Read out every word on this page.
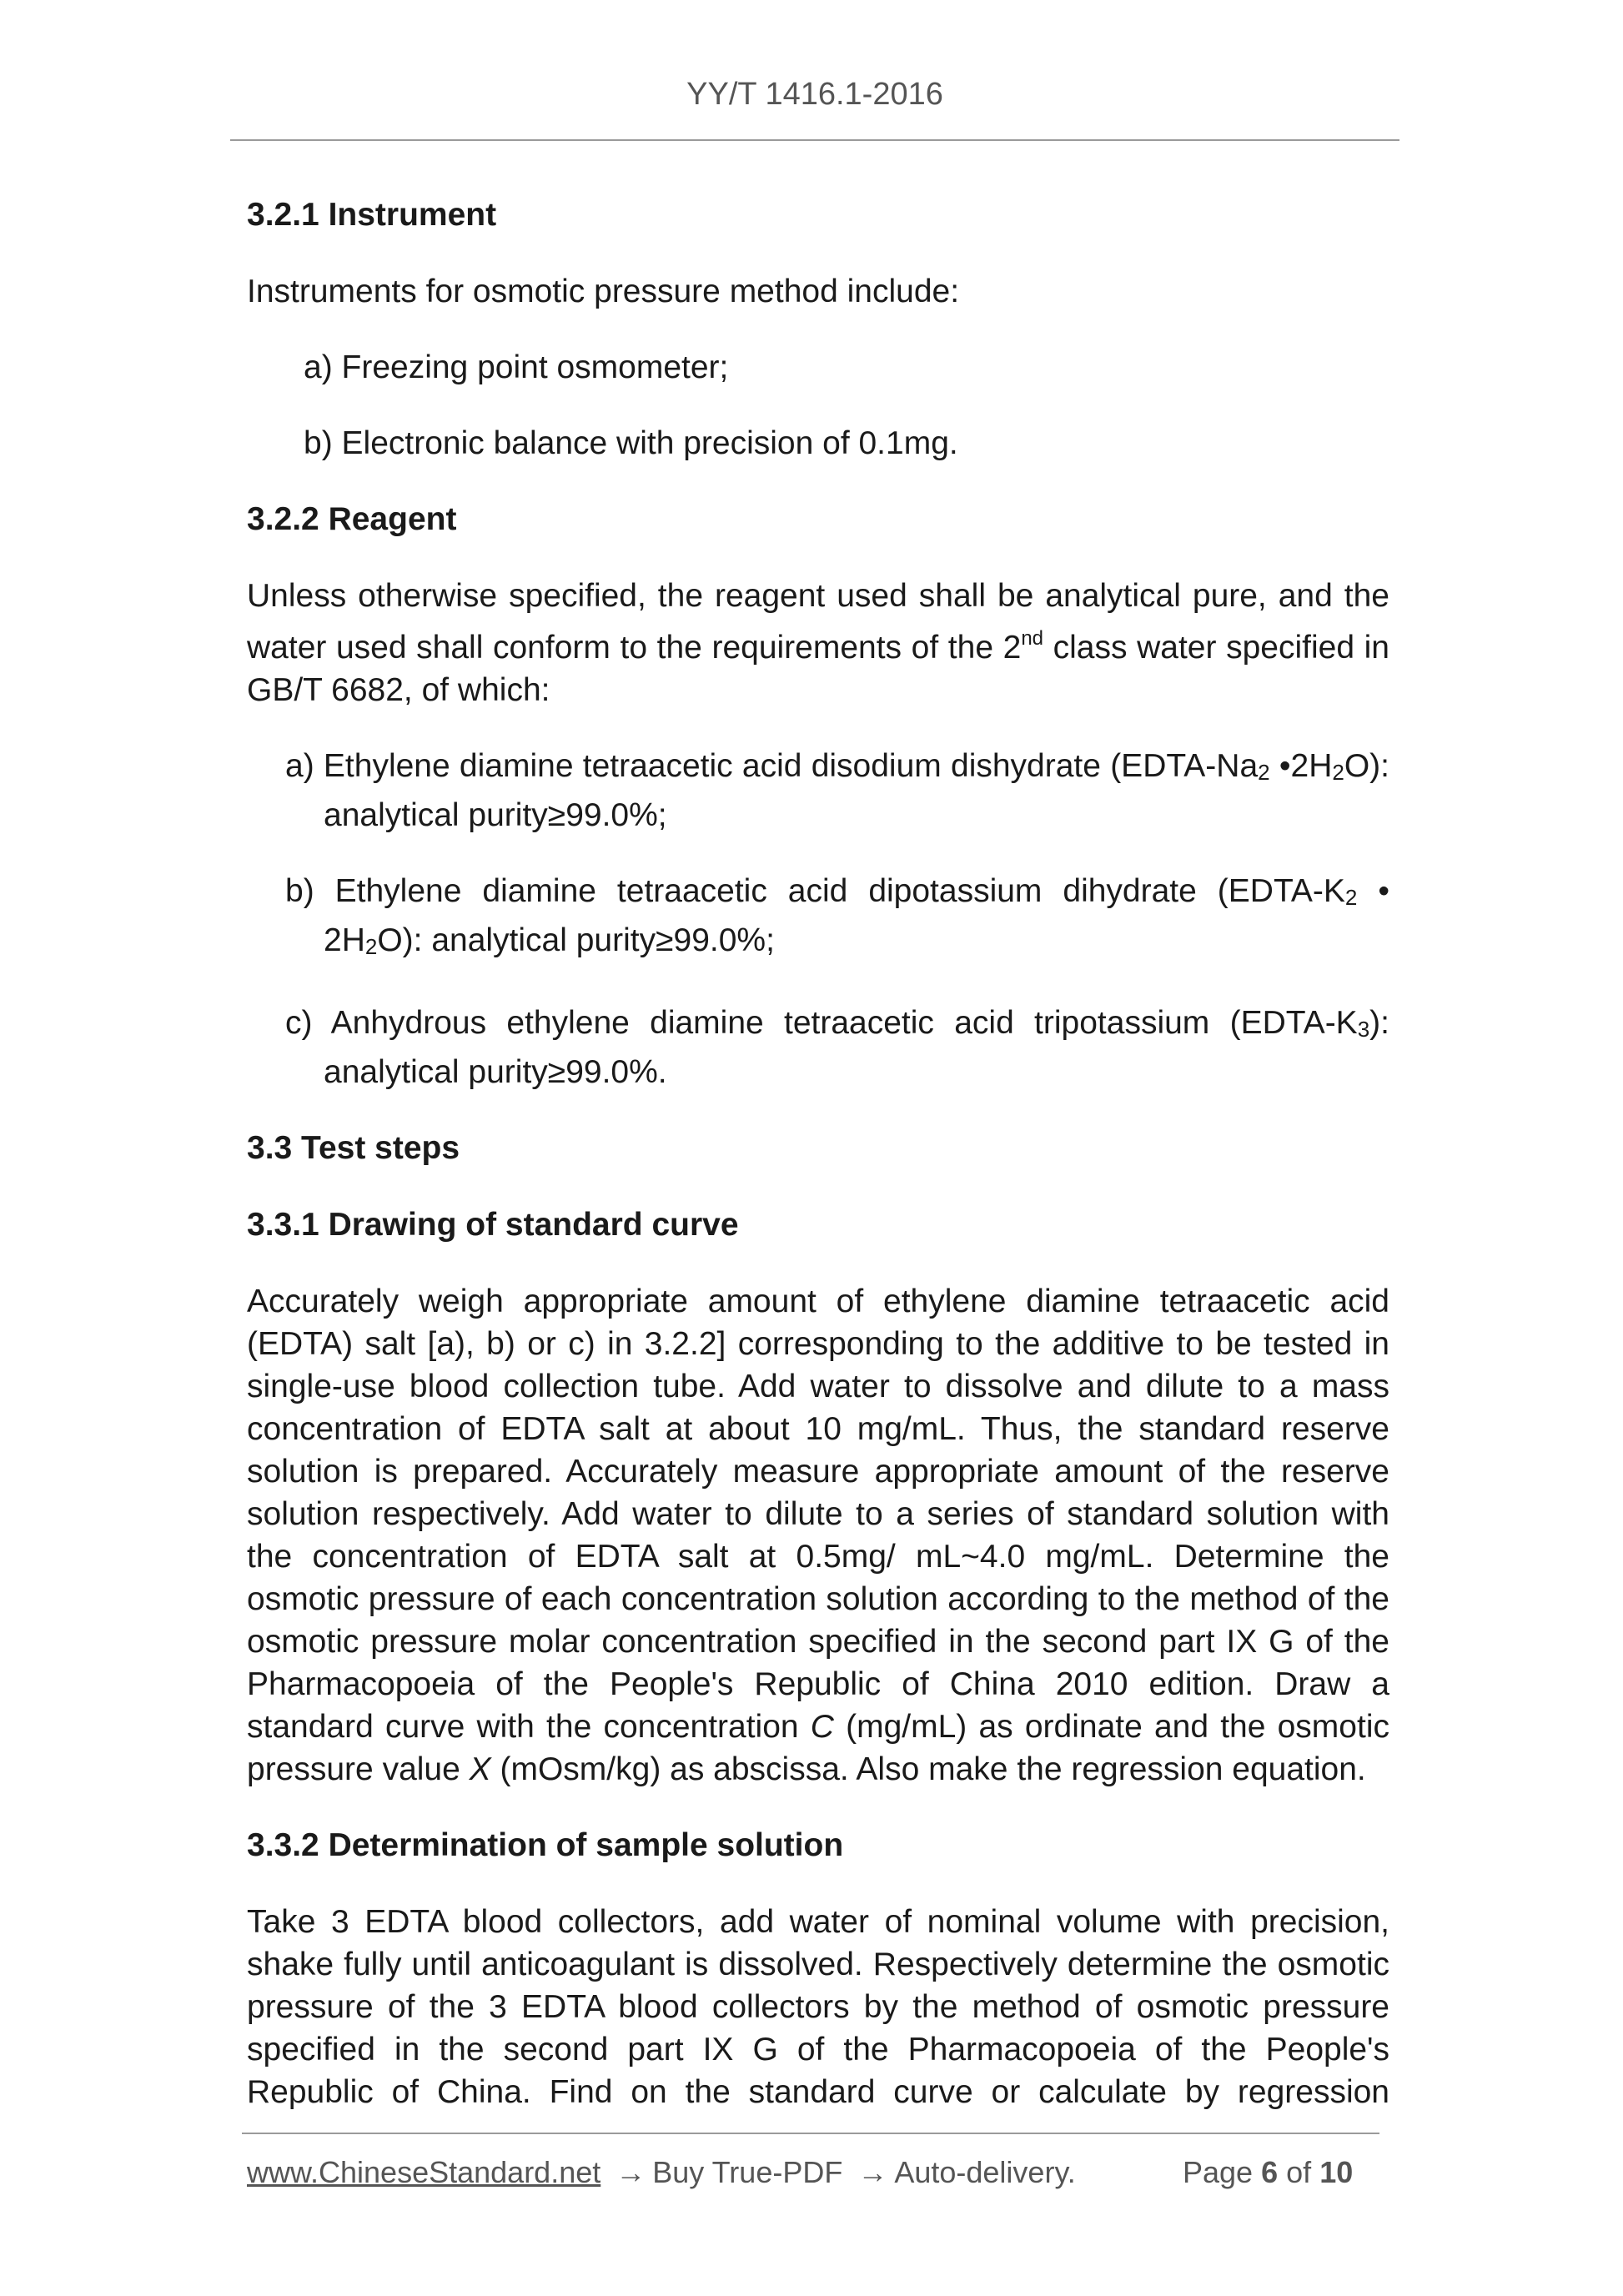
YY/T 1416.1-2016
3.2.1 Instrument
Instruments for osmotic pressure method include:
a) Freezing point osmometer;
b) Electronic balance with precision of 0.1mg.
3.2.2 Reagent
Unless otherwise specified, the reagent used shall be analytical pure, and the water used shall conform to the requirements of the 2nd class water specified in GB/T 6682, of which:
a) Ethylene diamine tetraacetic acid disodium dishydrate (EDTA-Na2 •2H2O): analytical purity≥99.0%;
b) Ethylene diamine tetraacetic acid dipotassium dihydrate (EDTA-K2 • 2H2O): analytical purity≥99.0%;
c) Anhydrous ethylene diamine tetraacetic acid tripotassium (EDTA-K3): analytical purity≥99.0%.
3.3 Test steps
3.3.1 Drawing of standard curve
Accurately weigh appropriate amount of ethylene diamine tetraacetic acid (EDTA) salt [a), b) or c) in 3.2.2] corresponding to the additive to be tested in single-use blood collection tube. Add water to dissolve and dilute to a mass concentration of EDTA salt at about 10 mg/mL. Thus, the standard reserve solution is prepared. Accurately measure appropriate amount of the reserve solution respectively. Add water to dilute to a series of standard solution with the concentration of EDTA salt at 0.5mg/ mL~4.0 mg/mL. Determine the osmotic pressure of each concentration solution according to the method of the osmotic pressure molar concentration specified in the second part IX G of the Pharmacopoeia of the People's Republic of China 2010 edition. Draw a standard curve with the concentration C (mg/mL) as ordinate and the osmotic pressure value X (mOsm/kg) as abscissa. Also make the regression equation.
3.3.2 Determination of sample solution
Take 3 EDTA blood collectors, add water of nominal volume with precision, shake fully until anticoagulant is dissolved. Respectively determine the osmotic pressure of the 3 EDTA blood collectors by the method of osmotic pressure specified in the second part IX G of the Pharmacopoeia of the People's Republic of China. Find on the standard curve or calculate by regression
www.ChineseStandard.net → Buy True-PDF → Auto-delivery.	Page 6 of 10
